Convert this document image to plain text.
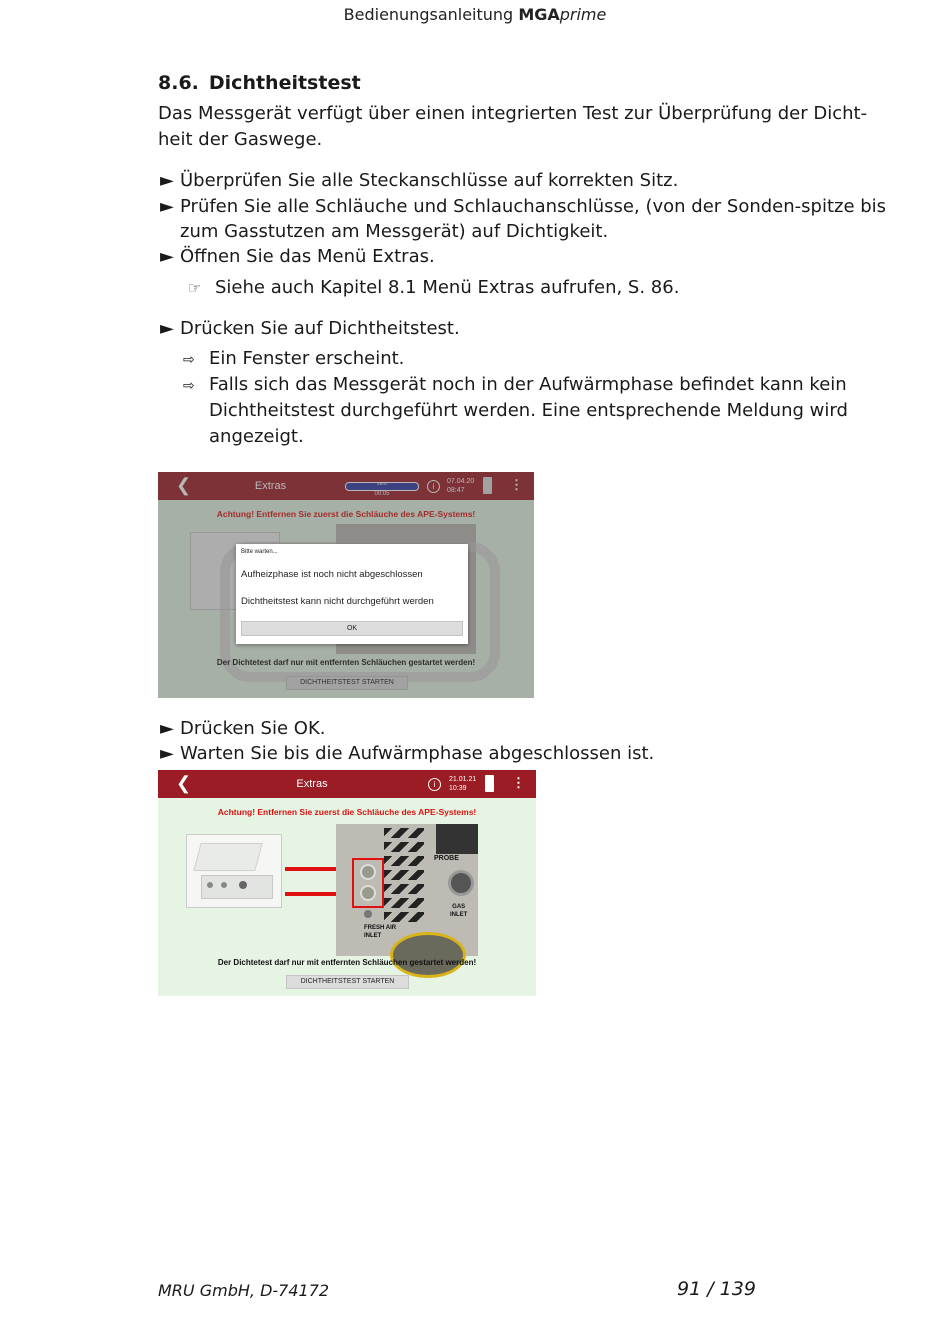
Bedienungsanleitung MGAprime
8.6. Dichtheitstest
Das Messgerät verfügt über einen integrierten Test zur Überprüfung der Dicht-
heit der Gaswege.
► Überprüfen Sie alle Steckanschlüsse auf korrekten Sitz.
► Prüfen Sie alle Schläuche und Schlauchanschlüsse, (von der Sonden-spitze bis
zum Gasstutzen am Messgerät) auf Dichtigkeit.
► Öffnen Sie das Menü Extras.
☞ Siehe auch Kapitel 8.1 Menü Extras aufrufen, S. 86.
► Drücken Sie auf Dichtheitstest.
⇨ Ein Fenster erscheint.
⇨ Falls sich das Messgerät noch in der Aufwärmphase befindet kann kein
Dichtheitstest durchgeführt werden. Eine entsprechende Meldung wird
angezeigt.
❮	Extras	zero
00:05
i
07.04.20
08:47	⋮
Achtung! Entfernen Sie zuerst die Schläuche des APE-Systems!
Der Dichtetest darf nur mit entfernten Schläuchen gestartet werden!
DICHTHEITSTEST STARTEN
Bitte warten...
Aufheizphase ist noch nicht abgeschlossen
Dichtheitstest kann nicht durchgeführt werden
OK
► Drücken Sie OK.
► Warten Sie bis die Aufwärmphase abgeschlossen ist.
❮	Extras	i
21.01.21
10:39	⋮
Achtung! Entfernen Sie zuerst die Schläuche des APE-Systems!
PROBE
GAS
INLET
FRESH AIR
INLET
Der Dichtetest darf nur mit entfernten Schläuchen gestartet werden!
DICHTHEITSTEST STARTEN
MRU GmbH, D-74172	91 / 139
